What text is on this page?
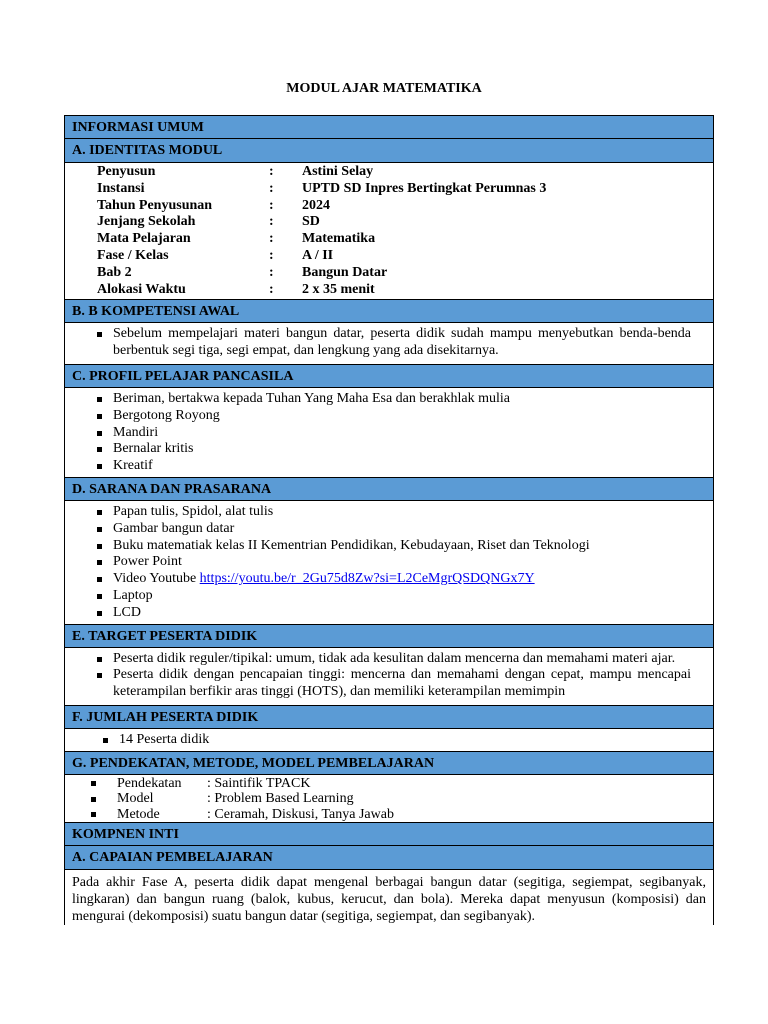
MODUL AJAR MATEMATIKA
INFORMASI UMUM
A. IDENTITAS MODUL
Penyusun	:	Astini Selay
Instansi	:	UPTD SD Inpres Bertingkat Perumnas 3
Tahun Penyusunan	:	2024
Jenjang Sekolah	:	SD
Mata Pelajaran	:	Matematika
Fase / Kelas	:	A / II
Bab 2	:	Bangun Datar
Alokasi Waktu	:	2 x 35 menit
B. B KOMPETENSI AWAL
Sebelum mempelajari materi bangun datar, peserta didik sudah mampu menyebutkan benda-benda berbentuk segi tiga, segi empat, dan lengkung yang ada disekitarnya.
C. PROFIL PELAJAR PANCASILA
Beriman, bertakwa kepada Tuhan Yang Maha Esa dan berakhlak mulia
Bergotong Royong
Mandiri
Bernalar kritis
Kreatif
D. SARANA DAN PRASARANA
Papan tulis, Spidol, alat tulis
Gambar bangun datar
Buku matematiak kelas II Kementrian Pendidikan, Kebudayaan, Riset dan Teknologi
Power Point
Video Youtube https://youtu.be/r_2Gu75d8Zw?si=L2CeMgrQSDQNGx7Y
Laptop
LCD
E. TARGET PESERTA DIDIK
Peserta didik reguler/tipikal: umum, tidak ada kesulitan dalam mencerna dan memahami materi ajar.
Peserta didik dengan pencapaian tinggi: mencerna dan memahami dengan cepat, mampu mencapai keterampilan berfikir aras tinggi (HOTS), dan memiliki keterampilan memimpin
F. JUMLAH PESERTA DIDIK
14 Peserta didik
G. PENDEKATAN, METODE, MODEL PEMBELAJARAN
Pendekatan	: Saintifik TPACK
Model	: Problem Based Learning
Metode	: Ceramah, Diskusi, Tanya Jawab
KOMPNEN INTI
A. CAPAIAN PEMBELAJARAN
Pada akhir Fase A, peserta didik dapat mengenal berbagai bangun datar (segitiga, segiempat, segibanyak, lingkaran) dan bangun ruang (balok, kubus, kerucut, dan bola). Mereka dapat menyusun (komposisi) dan mengurai (dekomposisi) suatu bangun datar (segitiga, segiempat, dan segibanyak).
